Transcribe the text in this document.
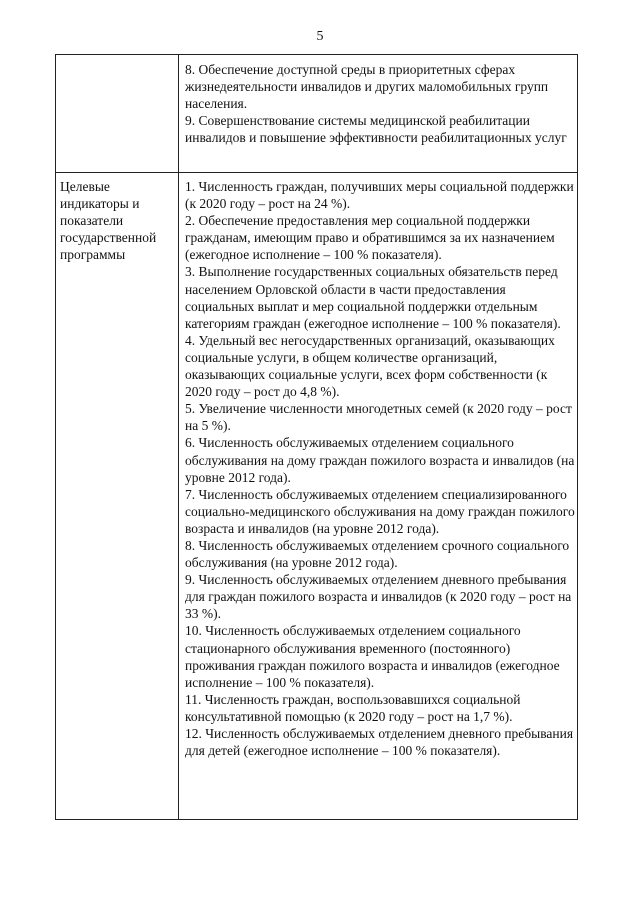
5
8. Обеспечение доступной среды в приоритетных сферах жизнедеятельности инвалидов и других маломобильных групп населения.
9. Совершенствование системы медицинской реабилитации инвалидов и повышение эффективности реабилитационных услуг
Целевые индикаторы и показатели государственной программы
1. Численность граждан, получивших меры социальной поддержки (к 2020 году – рост на 24 %).
2. Обеспечение предоставления мер социальной поддержки гражданам, имеющим право и обратившимся за их назначением (ежегодное исполнение – 100 % показателя).
3. Выполнение государственных социальных обязательств перед населением Орловской области в части предоставления социальных выплат и мер социальной поддержки отдельным категориям граждан (ежегодное исполнение – 100 % показателя).
4. Удельный вес негосударственных организаций, оказывающих социальные услуги, в общем количестве организаций, оказывающих социальные услуги, всех форм собственности (к 2020 году – рост до 4,8 %).
5. Увеличение численности многодетных семей (к 2020 году – рост на 5 %).
6. Численность обслуживаемых отделением социального обслуживания на дому граждан пожилого возраста и инвалидов (на уровне 2012 года).
7. Численность обслуживаемых отделением специализированного социально-медицинского обслуживания на дому граждан пожилого возраста и инвалидов (на уровне 2012 года).
8. Численность обслуживаемых отделением срочного социального обслуживания (на уровне 2012 года).
9. Численность обслуживаемых отделением дневного пребывания для граждан пожилого возраста и инвалидов (к 2020 году – рост на 33 %).
10. Численность обслуживаемых отделением социального стационарного обслуживания временного (постоянного) проживания граждан пожилого возраста и инвалидов (ежегодное исполнение – 100 % показателя).
11. Численность граждан, воспользовавшихся социальной консультативной помощью (к 2020 году – рост на 1,7 %).
12. Численность обслуживаемых отделением дневного пребывания для детей (ежегодное исполнение – 100 % показателя).
